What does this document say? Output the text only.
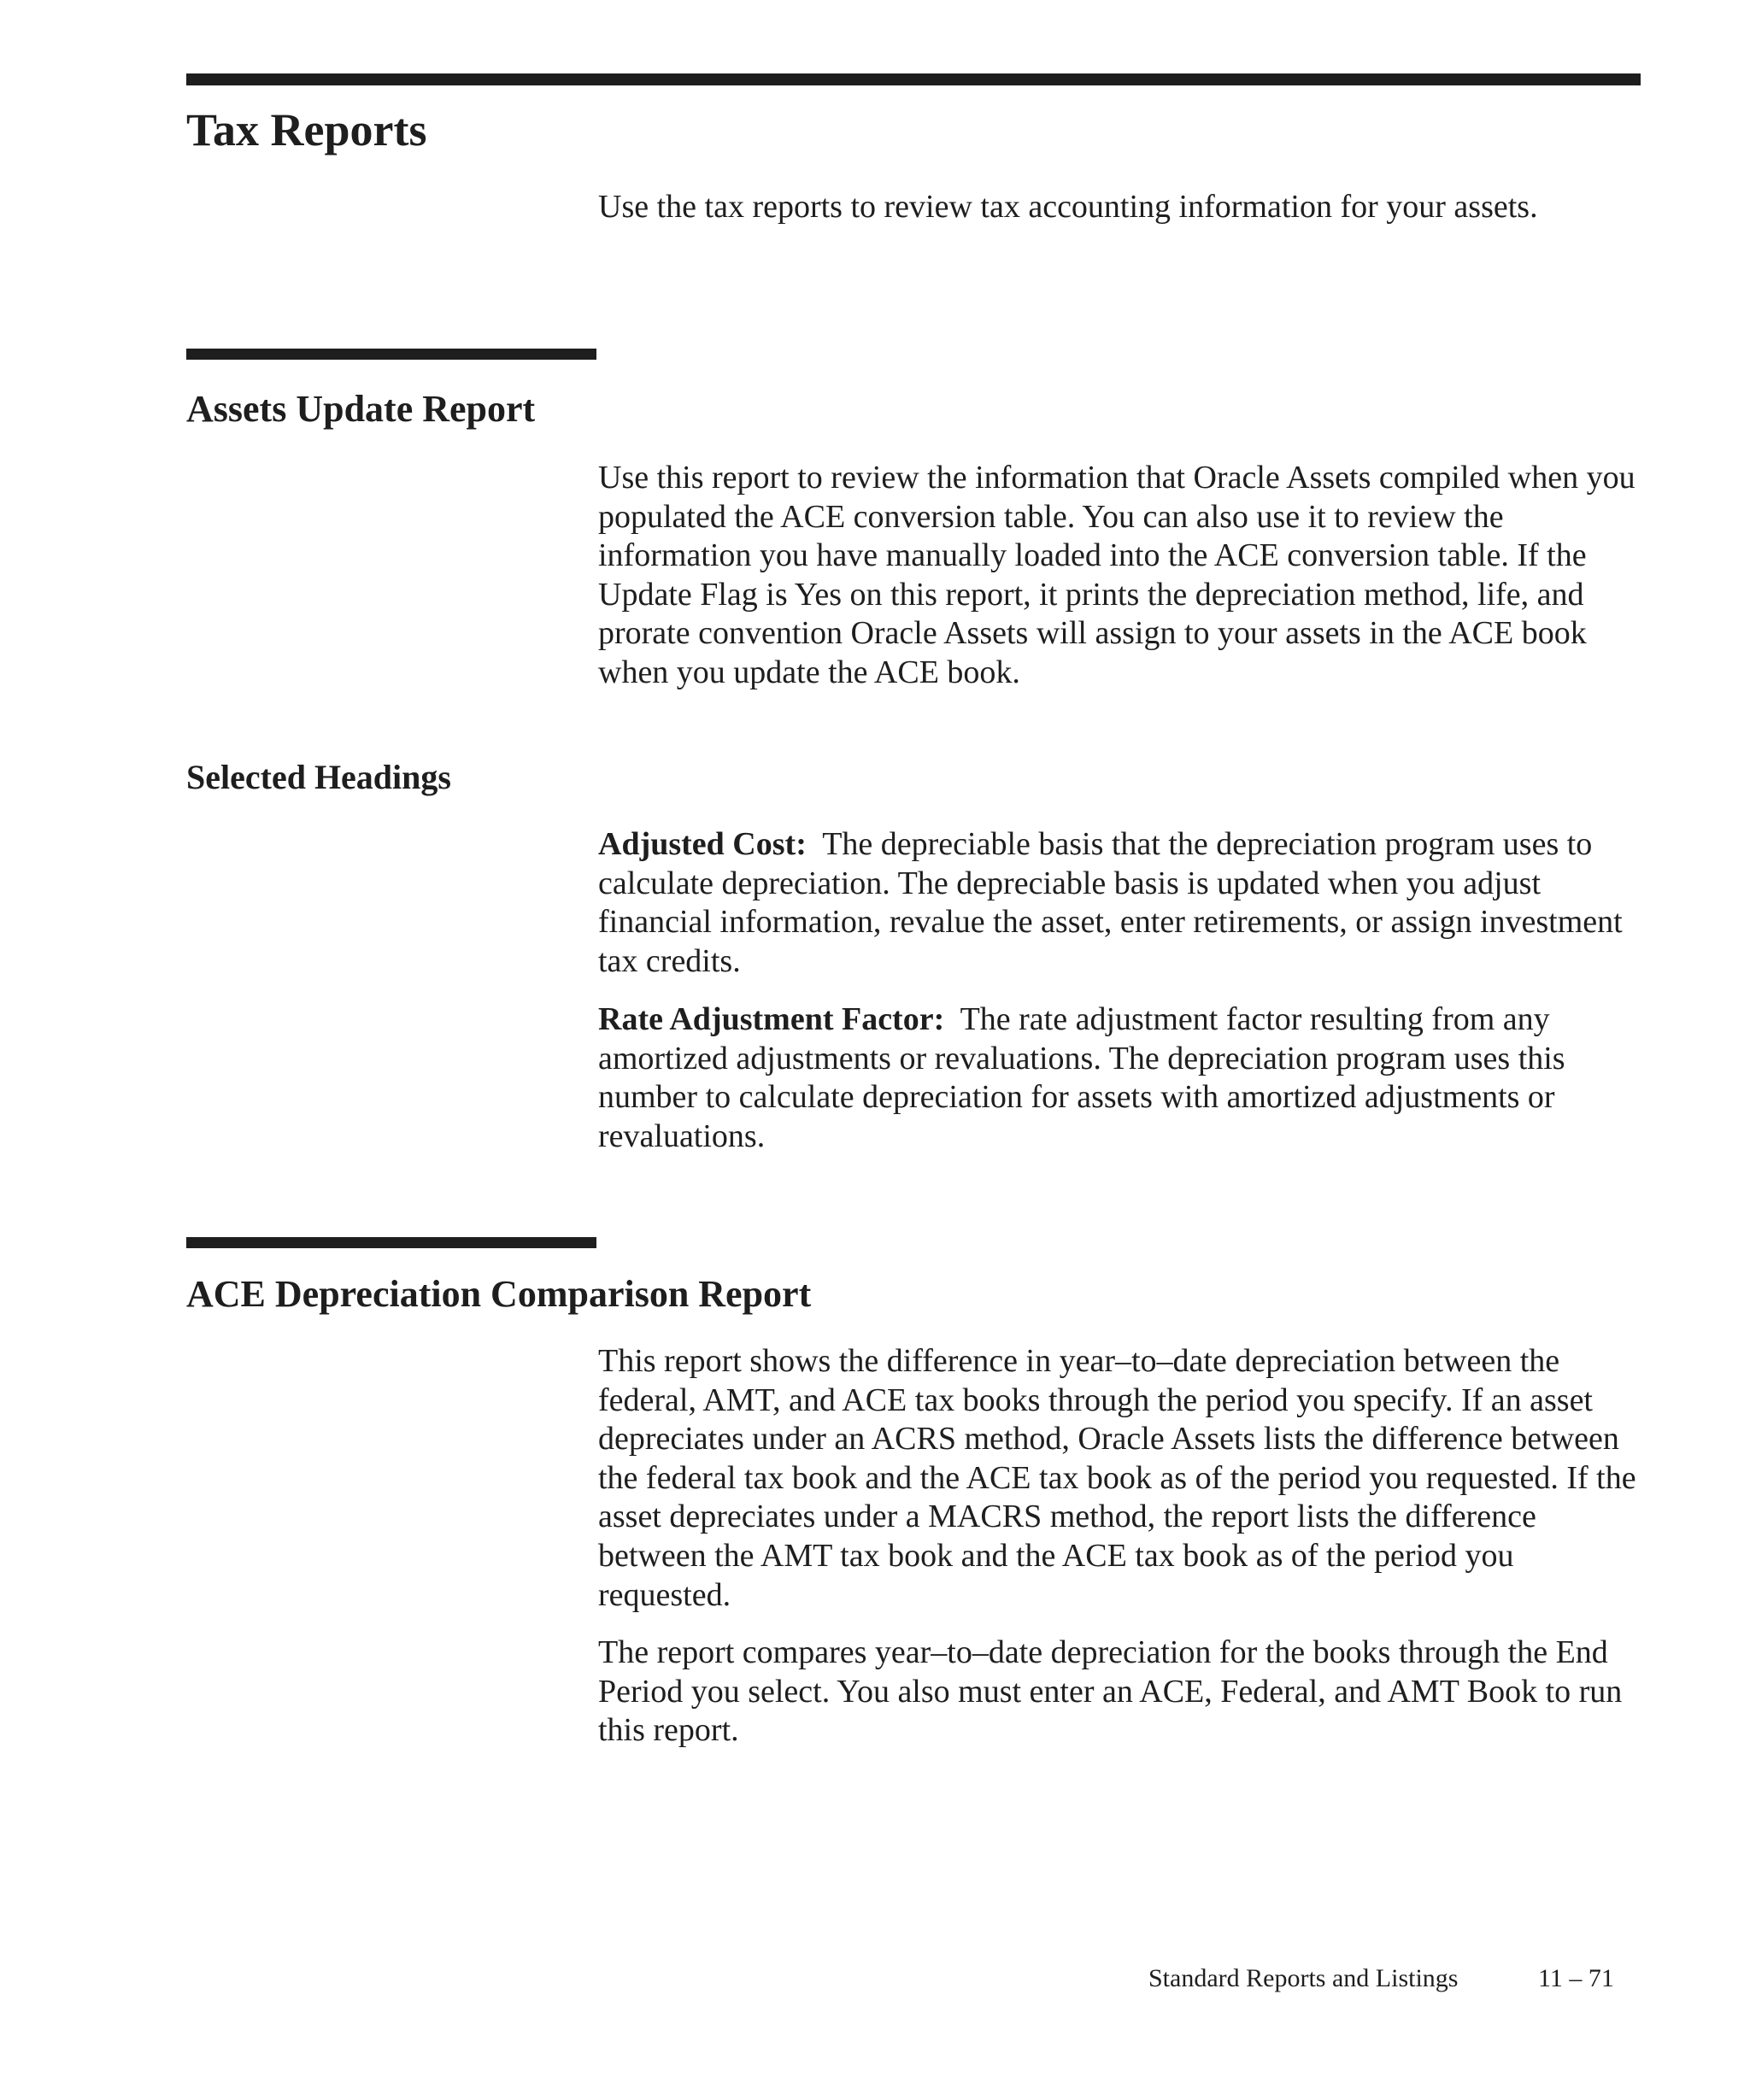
Tax Reports

Use the tax reports to review tax accounting information for your assets.

Assets Update Report

Use this report to review the information that Oracle Assets compiled when you populated the ACE conversion table. You can also use it to review the information you have manually loaded into the ACE conversion table. If the Update Flag is Yes on this report, it prints the depreciation method, life, and prorate convention Oracle Assets will assign to your assets in the ACE book when you update the ACE book.

Selected Headings

Adjusted Cost: The depreciable basis that the depreciation program uses to calculate depreciation. The depreciable basis is updated when you adjust financial information, revalue the asset, enter retirements, or assign investment tax credits.

Rate Adjustment Factor: The rate adjustment factor resulting from any amortized adjustments or revaluations. The depreciation program uses this number to calculate depreciation for assets with amortized adjustments or revaluations.

ACE Depreciation Comparison Report

This report shows the difference in year–to–date depreciation between the federal, AMT, and ACE tax books through the period you specify. If an asset depreciates under an ACRS method, Oracle Assets lists the difference between the federal tax book and the ACE tax book as of the period you requested. If the asset depreciates under a MACRS method, the report lists the difference between the AMT tax book and the ACE tax book as of the period you requested.

The report compares year–to–date depreciation for the books through the End Period you select. You also must enter an ACE, Federal, and AMT Book to run this report.

Standard Reports and Listings	11 – 71
